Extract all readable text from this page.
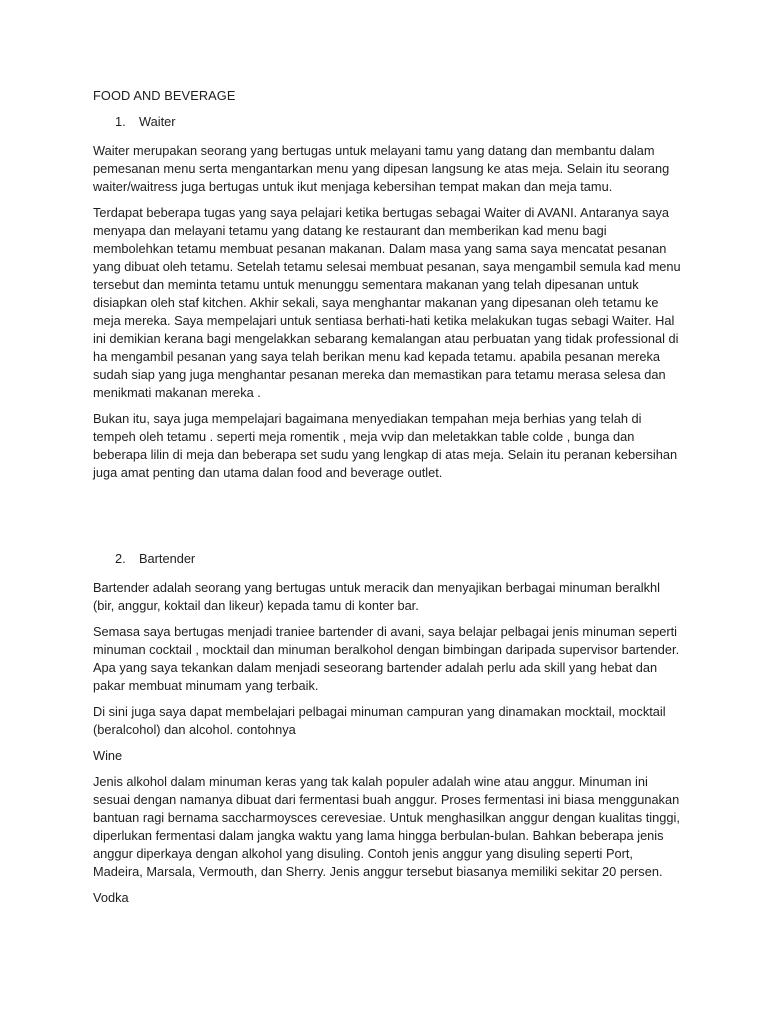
FOOD AND BEVERAGE
1.	Waiter

Waiter merupakan seorang yang bertugas untuk melayani tamu yang datang dan membantu dalam pemesanan menu serta mengantarkan menu yang dipesan langsung ke atas meja. Selain itu seorang waiter/waitress juga bertugas untuk ikut menjaga kebersihan tempat makan dan meja tamu.

Terdapat beberapa tugas yang saya pelajari ketika bertugas sebagai Waiter di AVANI. Antaranya saya menyapa dan melayani tetamu yang datang ke restaurant dan memberikan kad menu bagi membolehkan tetamu membuat pesanan makanan. Dalam masa yang sama saya mencatat pesanan yang dibuat oleh tetamu. Setelah tetamu selesai membuat pesanan, saya mengambil semula kad menu tersebut dan meminta tetamu untuk menunggu sementara makanan yang telah dipesanan untuk disiapkan oleh staf kitchen. Akhir sekali, saya menghantar makanan yang dipesanan oleh tetamu ke meja mereka. Saya mempelajari untuk sentiasa berhati-hati ketika melakukan tugas sebagi Waiter. Hal ini demikian kerana bagi mengelakkan sebarang kemalangan atau perbuatan yang tidak professional di ha mengambil pesanan yang saya telah berikan menu kad kepada tetamu. apabila pesanan mereka sudah siap yang juga menghantar pesanan mereka dan memastikan para tetamu merasa selesa dan menikmati makanan mereka .

Bukan itu, saya juga mempelajari bagaimana menyediakan tempahan meja berhias yang telah di tempeh oleh tetamu . seperti meja romentik , meja vvip dan meletakkan table colde , bunga dan beberapa lilin di meja dan beberapa set sudu yang lengkap di atas meja. Selain itu peranan kebersihan juga amat penting dan utama dalan food and beverage outlet.

2.	Bartender

Bartender adalah seorang yang bertugas untuk meracik dan menyajikan berbagai minuman beralkhl (bir, anggur, koktail dan likeur) kepada tamu di konter bar.

Semasa saya bertugas menjadi traniee bartender di avani, saya belajar pelbagai jenis minuman seperti minuman cocktail , mocktail dan minuman beralkohol dengan bimbingan daripada supervisor bartender. Apa yang saya tekankan dalam menjadi seseorang bartender adalah perlu ada skill yang hebat dan pakar membuat minumam yang terbaik.

Di sini juga saya dapat membelajari pelbagai minuman campuran yang dinamakan mocktail, mocktail (beralcohol) dan alcohol. contohnya

Wine

Jenis alkohol dalam minuman keras yang tak kalah populer adalah wine atau anggur. Minuman ini sesuai dengan namanya dibuat dari fermentasi buah anggur. Proses fermentasi ini biasa menggunakan bantuan ragi bernama saccharmoysces cerevesiae. Untuk menghasilkan anggur dengan kualitas tinggi, diperlukan fermentasi dalam jangka waktu yang lama hingga berbulan-bulan. Bahkan beberapa jenis anggur diperkaya dengan alkohol yang disuling. Contoh jenis anggur yang disuling seperti Port, Madeira, Marsala, Vermouth, dan Sherry. Jenis anggur tersebut biasanya memiliki sekitar 20 persen.

Vodka
